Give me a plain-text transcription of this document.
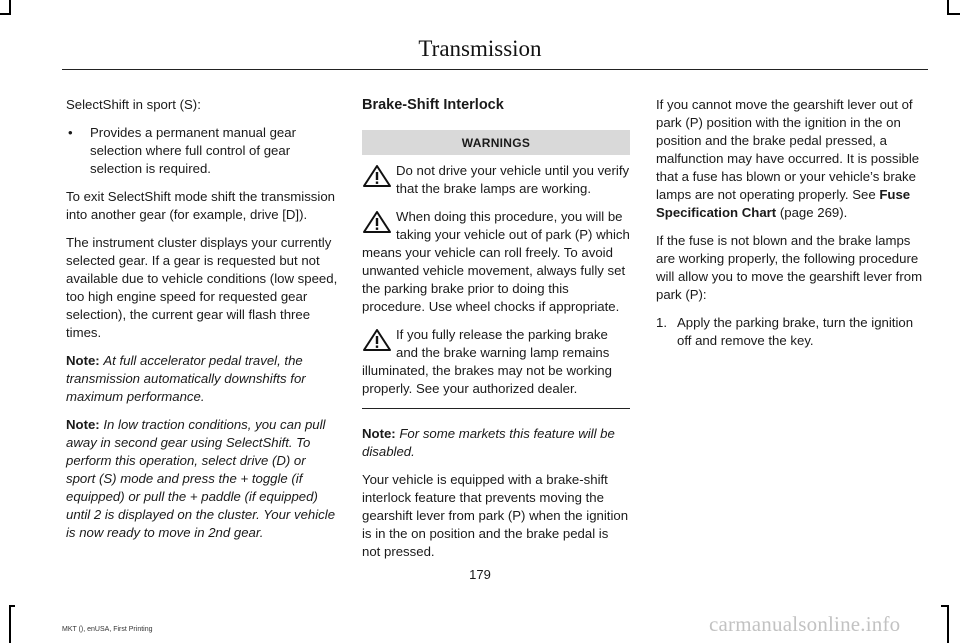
Transmission

SelectShift in sport (S):

•	Provides a permanent manual gear selection where full control of gear selection is required.

To exit SelectShift mode shift the transmission into another gear (for example, drive [D]).

The instrument cluster displays your currently selected gear. If a gear is requested but not available due to vehicle conditions (low speed, too high engine speed for requested gear selection), the current gear will flash three times.

Note: At full accelerator pedal travel, the transmission automatically downshifts for maximum performance.

Note: In low traction conditions, you can pull away in second gear using SelectShift. To perform this operation, select drive (D) or sport (S) mode and press the + toggle (if equipped) or pull the + paddle (if equipped) until 2 is displayed on the cluster. Your vehicle is now ready to move in 2nd gear.

Brake-Shift Interlock
WARNINGS
Do not drive your vehicle until you verify that the brake lamps are working.
When doing this procedure, you will be taking your vehicle out of park (P) which means your vehicle can roll freely. To avoid unwanted vehicle movement, always fully set the parking brake prior to doing this procedure. Use wheel chocks if appropriate.
If you fully release the parking brake and the brake warning lamp remains illuminated, the brakes may not be working properly. See your authorized dealer.

Note: For some markets this feature will be disabled.

Your vehicle is equipped with a brake-shift interlock feature that prevents moving the gearshift lever from park (P) when the ignition is in the on position and the brake pedal is not pressed.

If you cannot move the gearshift lever out of park (P) position with the ignition in the on position and the brake pedal pressed, a malfunction may have occurred. It is possible that a fuse has blown or your vehicle’s brake lamps are not operating properly. See Fuse Specification Chart (page 269).

If the fuse is not blown and the brake lamps are working properly, the following procedure will allow you to move the gearshift lever from park (P):

1. Apply the parking brake, turn the ignition off and remove the key.
179
MKT (), enUSA, First Printing	carmanualsonline.info
